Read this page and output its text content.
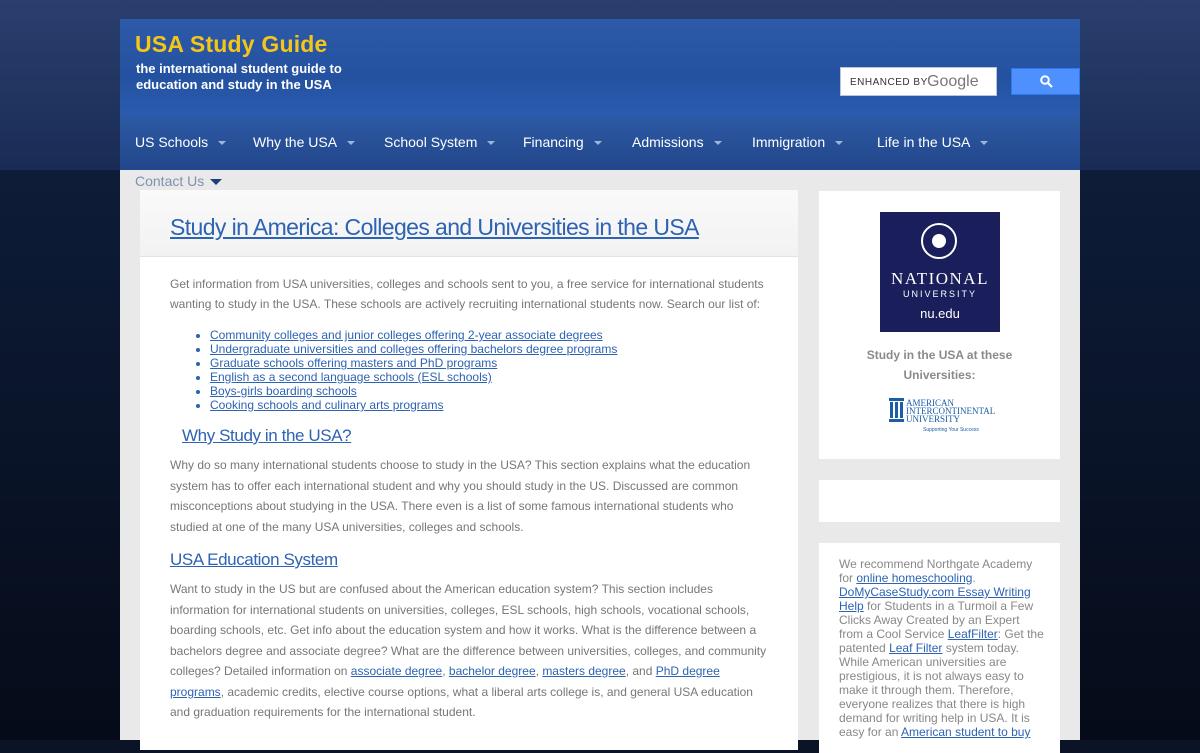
USA Study Guide
the international student guide to education and study in the USA	ENHANCED BY Google
US Schools	Why the USA	School System	Financing	Admissions	Immigration	Life in the USA
Study in America: Colleges and Universities in the USA
Get information from USA universities, colleges and schools sent to you, a free service for international students wanting to study in the USA. These schools are actively recruiting international students now. Search our list of:
• Community colleges and junior colleges offering 2-year associate degrees
• Undergraduate universities and colleges offering bachelors degree programs
• Graduate schools offering masters and PhD programs
• English as a second language schools (ESL schools)
• Boys-girls boarding schools
• Cooking schools and culinary arts programs
Why Study in the USA?
Why do so many international students choose to study in the USA? This section explains what the education system has to offer each international student and why you should study in the US. Discussed are common misconceptions about studying in the USA. There even is a list of some famous international students who studied at one of the many USA universities, colleges and schools.
USA Education System
Want to study in the US but are confused about the American education system? This section includes information for international students on universities, colleges, ESL schools, high schools, vocational schools, boarding schools, etc. Get info about the education system and how it works. What is the difference between a bachelors degree and associate degree? What are the difference between universities, colleges, and community colleges? Detailed information on associate degree, bachelor degree, masters degree, and PhD degree programs, academic credits, elective course options, what a liberal arts college is, and general USA education and graduation requirements for the international student.
NATIONAL
UNIVERSITY
nu.edu
Study in the USA at these Universities:
AMERICAN
INTERCONTINENTAL
UNIVERSITY
Supporting Your Success
We recommend Northgate Academy for online homeschooling. DoMyCaseStudy.com Essay Writing Help for Students in a Turmoil a Few Clicks Away Created by an Expert from a Cool Service LeafFilter: Get the patented Leaf Filter system today. While American universities are prestigious, it is not always easy to make it through them. Therefore, everyone realizes that there is high demand for writing help in USA. It is easy for an American student to buy
Contact Us
